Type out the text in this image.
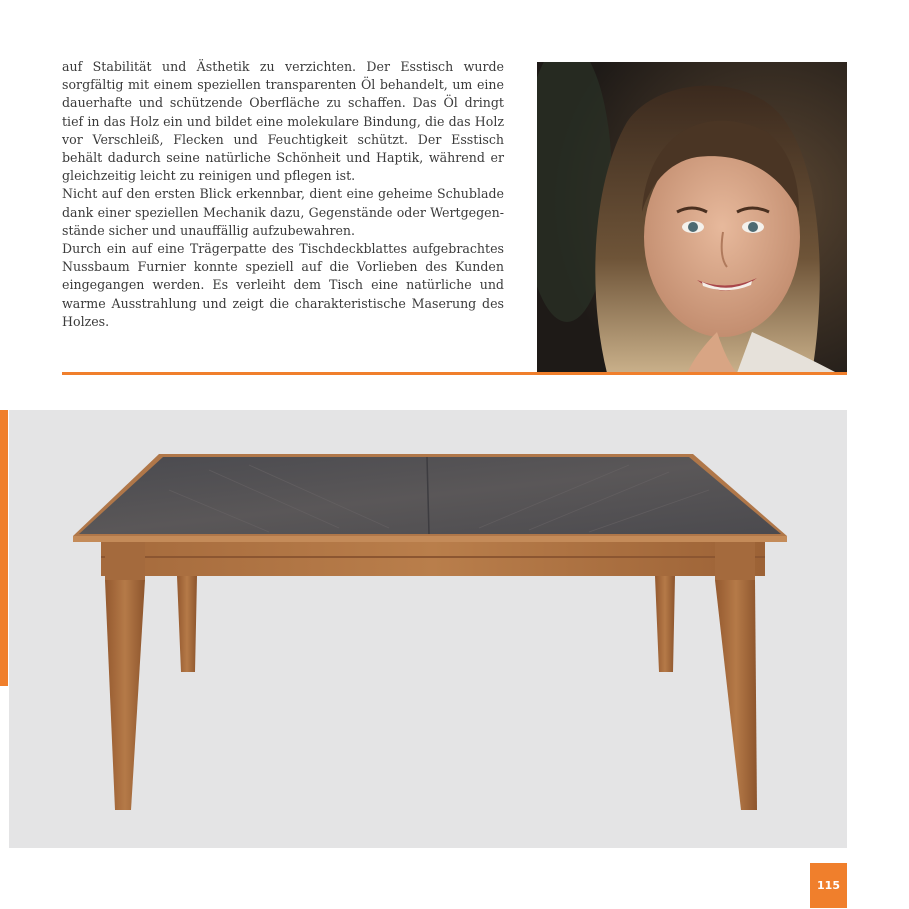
auf Stabilität und Ästhetik zu verzichten. Der Esstisch wurde sorgfältig mit einem speziellen transparenten Öl behandelt, um eine dauerhafte und schützende Oberfläche zu schaffen. Das Öl dringt tief in das Holz ein und bildet eine molekulare Bindung, die das Holz vor Verschleiß, Flecken und Feuchtigkeit schützt. Der Esstisch behält dadurch seine natürliche Schönheit und Haptik, während er gleichzeitig leicht zu reinigen und pflegen ist.

Nicht auf den ersten Blick erkennbar, dient eine geheime Schublade dank einer speziellen Mechanik dazu, Gegenstände oder Wertgegenstände sicher und unauffällig aufzubewahren.

Durch ein auf eine Trägerpatte des Tischdeckblattes aufgebrachtes Nussbaum Furnier konnte speziell auf die Vorlieben des Kunden eingegangen werden. Es verleiht dem Tisch eine natürliche und warme Ausstrahlung und zeigt die charakteristische Maserung des Holzes.

115
